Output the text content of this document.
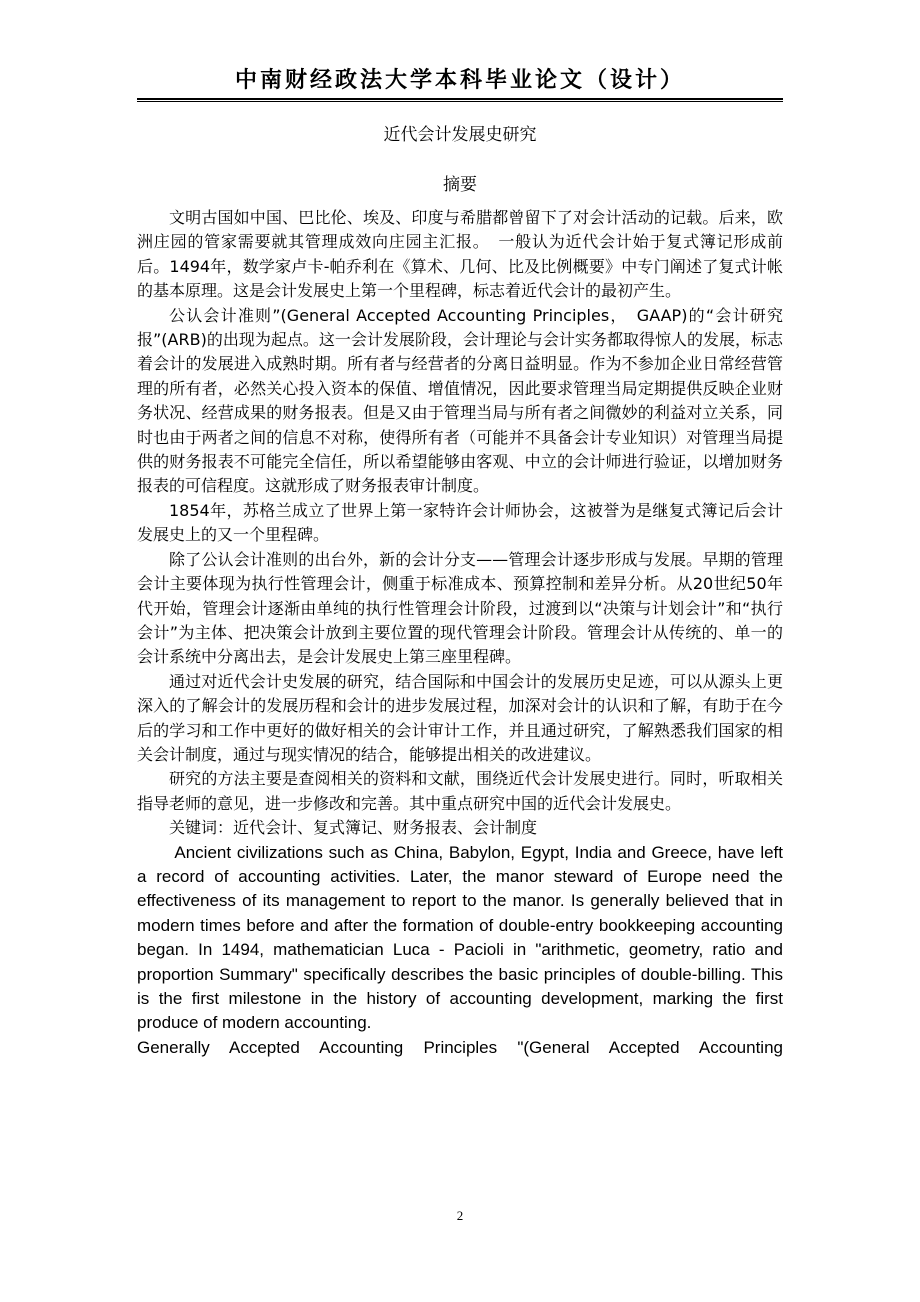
中南财经政法大学本科毕业论文（设计）
近代会计发展史研究
摘要

文明古国如中国、巴比伦、埃及、印度与希腊都曾留下了对会计活动的记载。后来，欧洲庄园的管家需要就其管理成效向庄园主汇报。　一般认为近代会计始于复式簿记形成前后。1494年，数学家卢卡-帕乔利在《算术、几何、比及比例概要》中专门阐述了复式计帐的基本原理。这是会计发展史上第一个里程碑，标志着近代会计的最初产生。

公认会计准则”(General Accepted Accounting Principles，　GAAP)的“会计研究报”(ARB)的出现为起点。这一会计发展阶段，会计理论与会计实务都取得惊人的发展，标志着会计的发展进入成熟时期。所有者与经营者的分离日益明显。作为不参加企业日常经营管理的所有者，必然关心投入资本的保值、增值情况，因此要求管理当局定期提供反映企业财务状况、经营成果的财务报表。但是又由于管理当局与所有者之间微妙的利益对立关系，同时也由于两者之间的信息不对称，使得所有者（可能并不具备会计专业知识）对管理当局提供的财务报表不可能完全信任，所以希望能够由客观、中立的会计师进行验证，以增加财务报表的可信程度。这就形成了财务报表审计制度。

1854年，苏格兰成立了世界上第一家特许会计师协会，这被誉为是继复式簿记后会计发展史上的又一个里程碑。

除了公认会计准则的出台外，新的会计分支——管理会计逐步形成与发展。早期的管理会计主要体现为执行性管理会计，侧重于标准成本、预算控制和差异分析。从20世纪50年代开始，管理会计逐渐由单纯的执行性管理会计阶段，过渡到以“决策与计划会计”和“执行会计”为主体、把决策会计放到主要位置的现代管理会计阶段。管理会计从传统的、单一的会计系统中分离出去，是会计发展史上第三座里程碑。

通过对近代会计史发展的研究，结合国际和中国会计的发展历史足迹，可以从源头上更深入的了解会计的发展历程和会计的进步发展过程，加深对会计的认识和了解，有助于在今后的学习和工作中更好的做好相关的会计审计工作，并且通过研究，了解熟悉我们国家的相关会计制度，通过与现实情况的结合，能够提出相关的改进建议。

研究的方法主要是查阅相关的资料和文献，围绕近代会计发展史进行。同时，听取相关指导老师的意见，进一步修改和完善。其中重点研究中国的近代会计发展史。

关键词：近代会计、复式簿记、财务报表、会计制度

Ancient civilizations such as China, Babylon, Egypt, India and Greece, have left a record of accounting activities. Later, the manor steward of Europe need the effectiveness of its management to report to the manor. Is generally believed that in modern times before and after the formation of double-entry bookkeeping accounting began. In 1494, mathematician Luca - Pacioli in "arithmetic, geometry, ratio and proportion Summary" specifically describes the basic principles of double-billing. This is the first milestone in the history of accounting development, marking the first produce of modern accounting.

Generally Accepted Accounting Principles "(General Accepted Accounting

2
